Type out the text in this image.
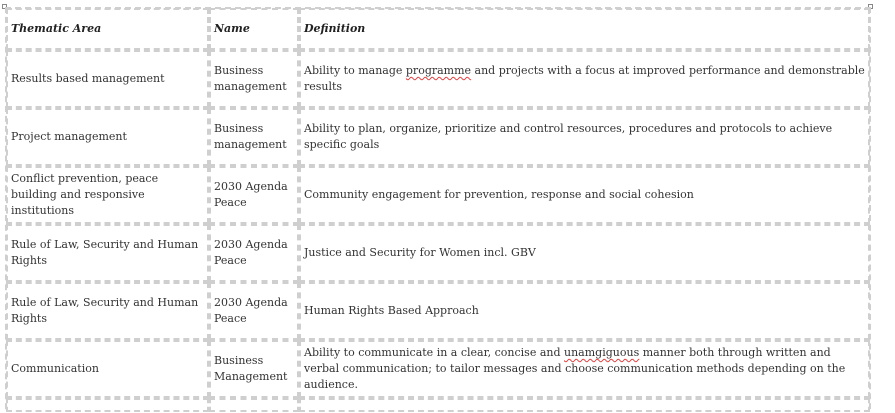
Thematic Area	Name	Definition
Results based management	Business management	Ability to manage programme and projects with a focus at improved performance and demonstrable results
Project management	Business management	Ability to plan, organize, prioritize and control resources, procedures and protocols to achieve specific goals
Conflict prevention, peace building and responsive institutions	2030 Agenda Peace	Community engagement for prevention, response and social cohesion
Rule of Law, Security and Human Rights	2030 Agenda Peace	Justice and Security for Women incl. GBV
Rule of Law, Security and Human Rights	2030 Agenda Peace	Human Rights Based Approach
Communication	Business Management	Ability to communicate in a clear, concise and unamgiguous manner both through written and verbal communication; to tailor messages and choose communication methods depending on the audience.
